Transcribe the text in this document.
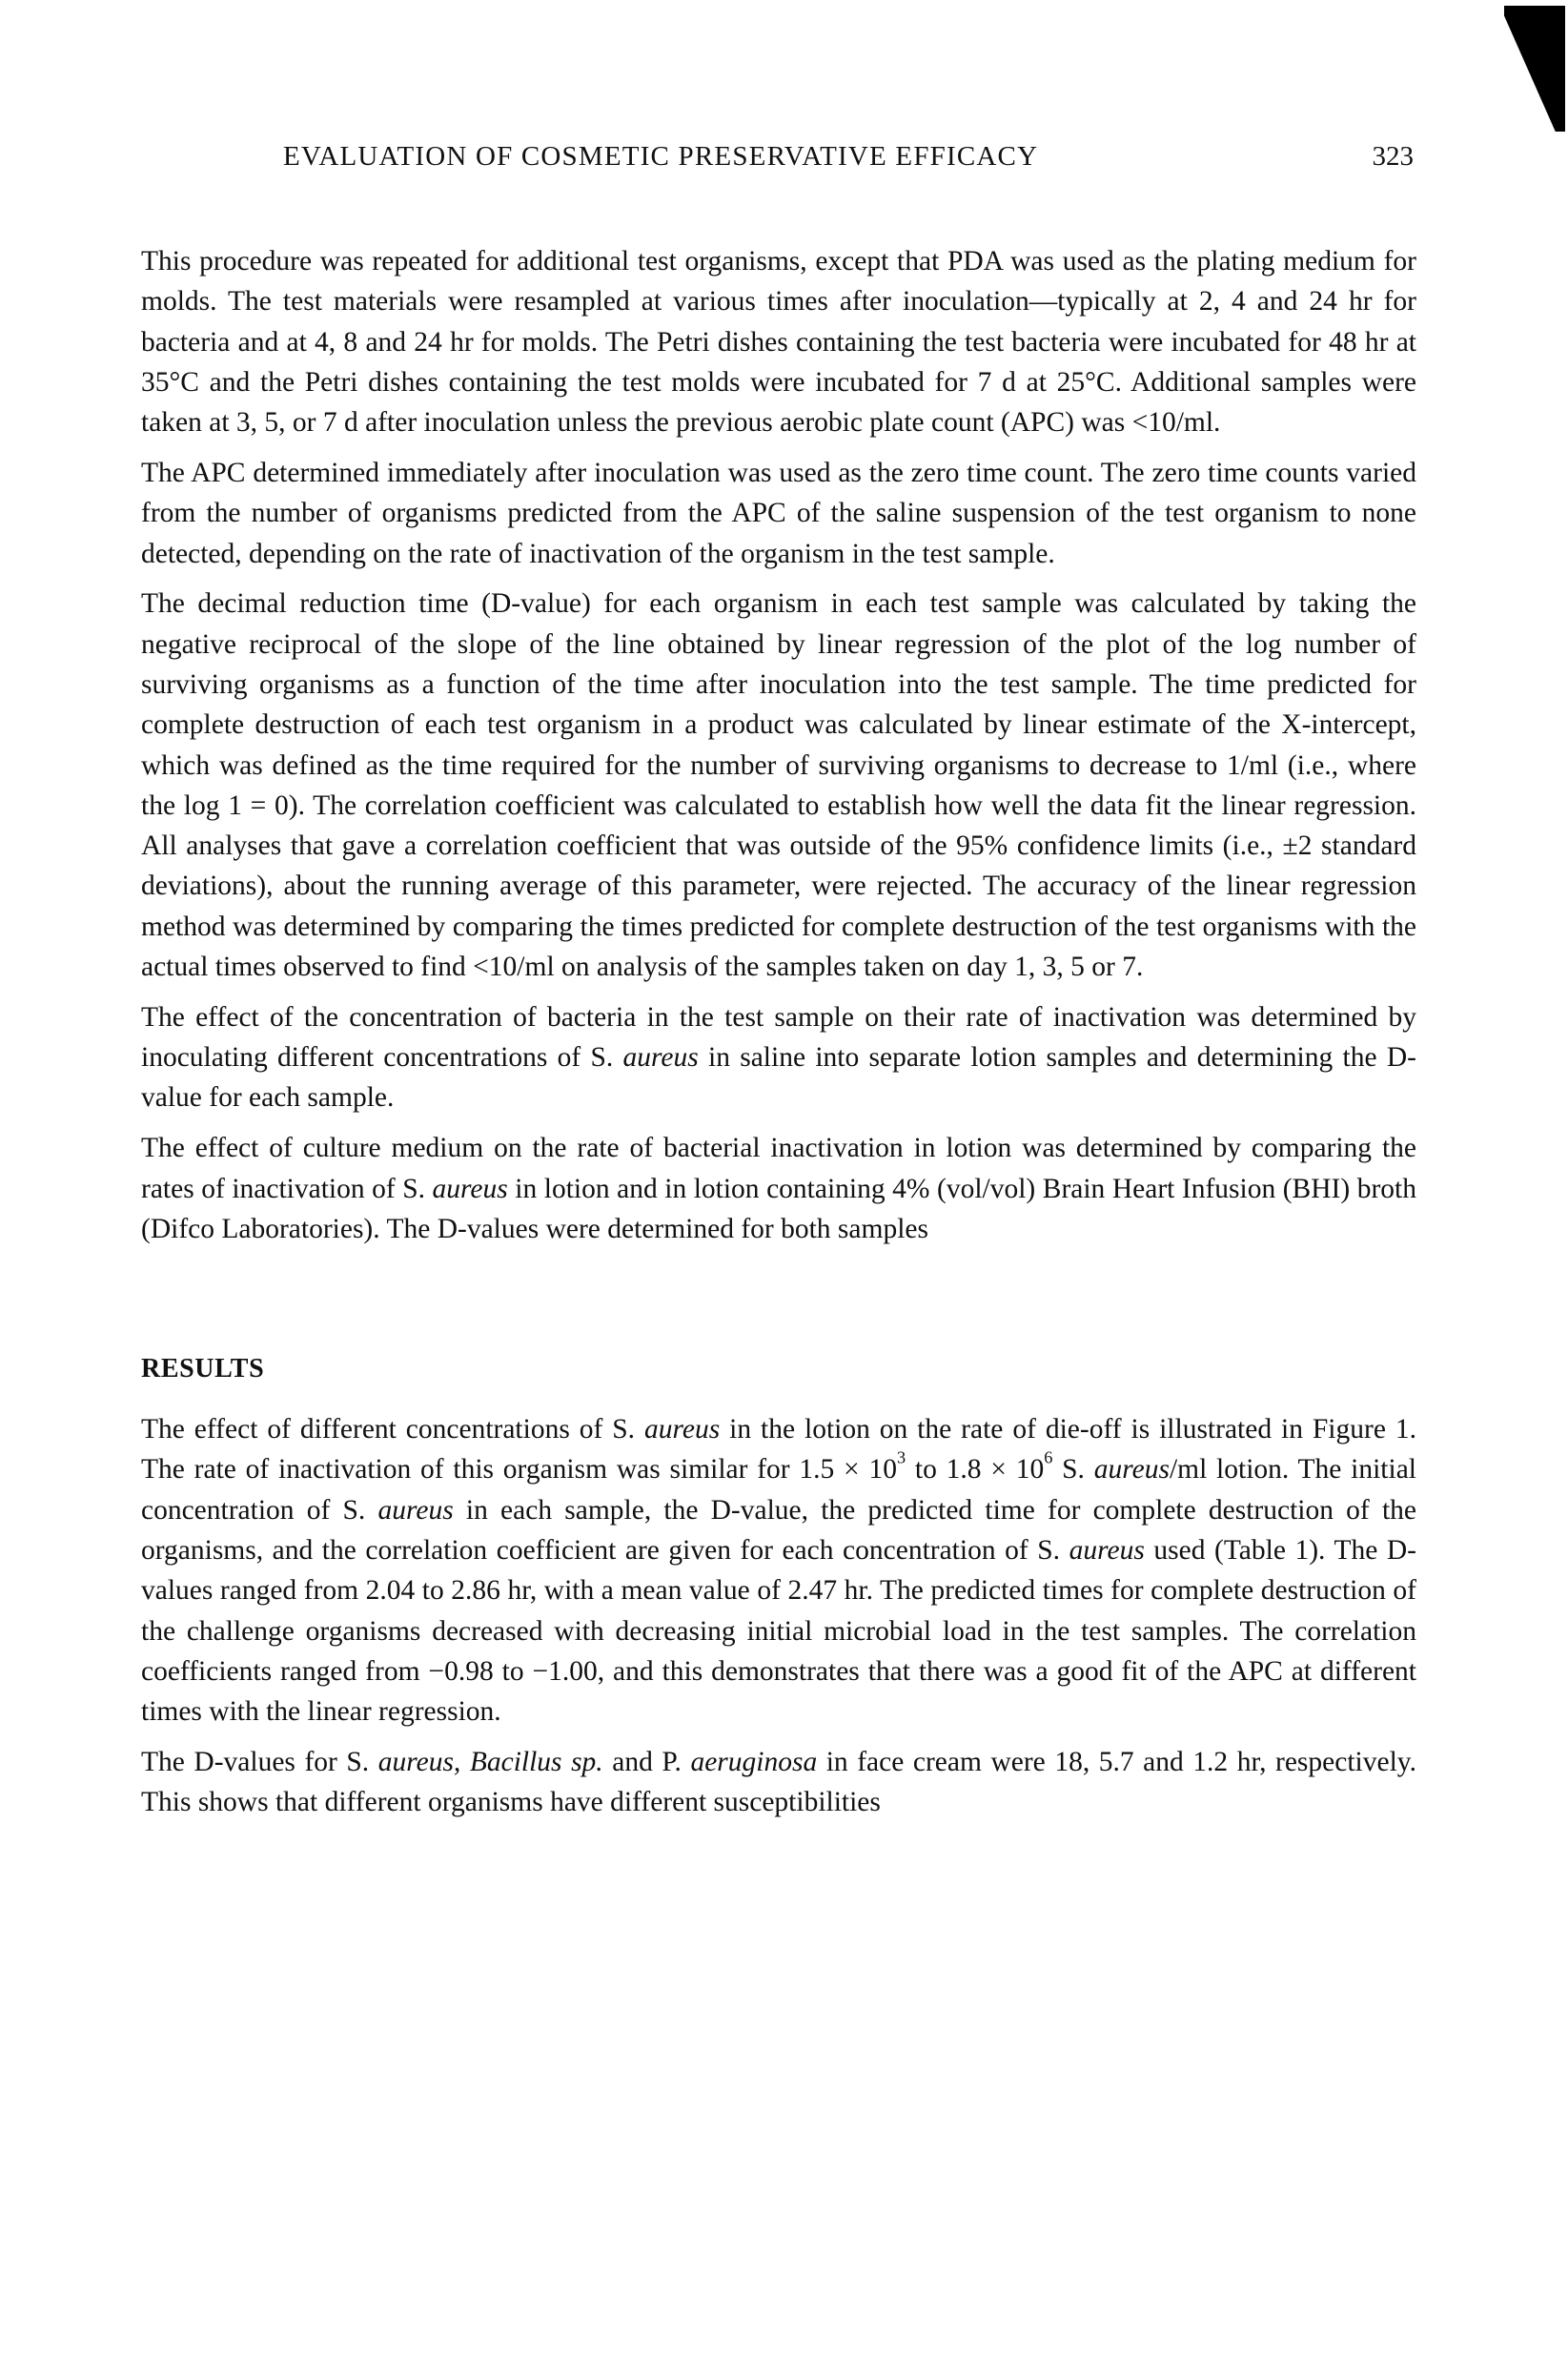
EVALUATION OF COSMETIC PRESERVATIVE EFFICACY	323

This procedure was repeated for additional test organisms, except that PDA was used as the plating medium for molds. The test materials were resampled at various times after inoculation—typically at 2, 4 and 24 hr for bacteria and at 4, 8 and 24 hr for molds. The Petri dishes containing the test bacteria were incubated for 48 hr at 35°C and the Petri dishes containing the test molds were incubated for 7 d at 25°C. Additional samples were taken at 3, 5, or 7 d after inoculation unless the previous aerobic plate count (APC) was <10/ml.

The APC determined immediately after inoculation was used as the zero time count. The zero time counts varied from the number of organisms predicted from the APC of the saline suspension of the test organism to none detected, depending on the rate of inactivation of the organism in the test sample.

The decimal reduction time (D-value) for each organism in each test sample was calculated by taking the negative reciprocal of the slope of the line obtained by linear regression of the plot of the log number of surviving organisms as a function of the time after inoculation into the test sample. The time predicted for complete destruction of each test organism in a product was calculated by linear estimate of the X-intercept, which was defined as the time required for the number of surviving organisms to decrease to 1/ml (i.e., where the log 1 = 0). The correlation coefficient was calculated to establish how well the data fit the linear regression. All analyses that gave a correlation coefficient that was outside of the 95% confidence limits (i.e., ±2 standard deviations), about the running average of this parameter, were rejected. The accuracy of the linear regression method was determined by comparing the times predicted for complete destruction of the test organisms with the actual times observed to find <10/ml on analysis of the samples taken on day 1, 3, 5 or 7.

The effect of the concentration of bacteria in the test sample on their rate of inactivation was determined by inoculating different concentrations of S. aureus in saline into separate lotion samples and determining the D-value for each sample.

The effect of culture medium on the rate of bacterial inactivation in lotion was determined by comparing the rates of inactivation of S. aureus in lotion and in lotion containing 4% (vol/vol) Brain Heart Infusion (BHI) broth (Difco Laboratories). The D-values were determined for both samples

RESULTS

The effect of different concentrations of S. aureus in the lotion on the rate of die-off is illustrated in Figure 1. The rate of inactivation of this organism was similar for $1.5 \times 10^3$ to $1.8 \times 10^6$ S. aureus/ml lotion. The initial concentration of S. aureus in each sample, the D-value, the predicted time for complete destruction of the organisms, and the correlation coefficient are given for each concentration of S. aureus used (Table 1). The D-values ranged from 2.04 to 2.86 hr, with a mean value of 2.47 hr. The predicted times for complete destruction of the challenge organisms decreased with decreasing initial microbial load in the test samples. The correlation coefficients ranged from −0.98 to −1.00, and this demonstrates that there was a good fit of the APC at different times with the linear regression.

The D-values for S. aureus, Bacillus sp. and P. aeruginosa in face cream were 18, 5.7 and 1.2 hr, respectively. This shows that different organisms have different susceptibilities
